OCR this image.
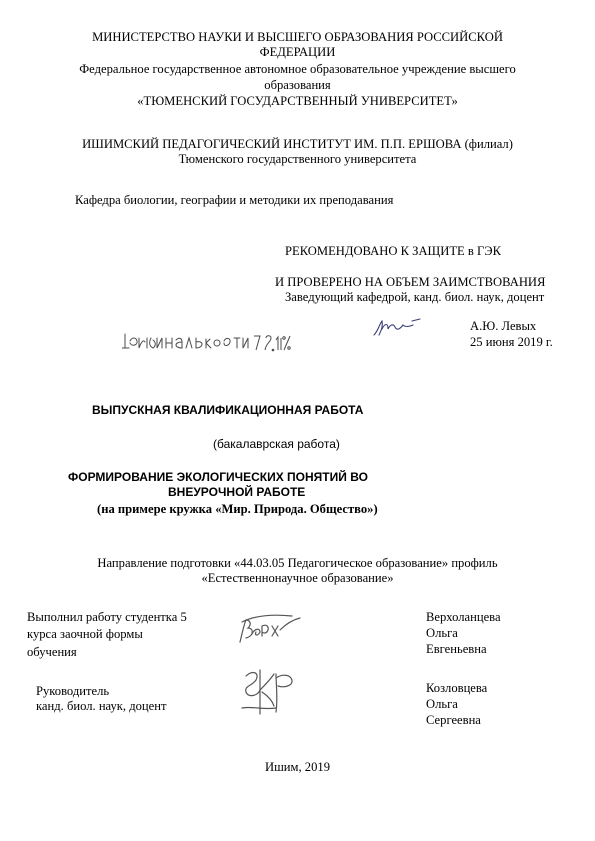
МИНИСТЕРСТВО НАУКИ И ВЫСШЕГО ОБРАЗОВАНИЯ РОССИЙСКОЙ
ФЕДЕРАЦИИ
Федеральное государственное автономное образовательное учреждение высшего
образования
«ТЮМЕНСКИЙ ГОСУДАРСТВЕННЫЙ УНИВЕРСИТЕТ»
ИШИМСКИЙ ПЕДАГОГИЧЕСКИЙ ИНСТИТУТ ИМ. П.П. ЕРШОВА (филиал)
Тюменского государственного университета
Кафедра биологии, географии и методики их преподавания
РЕКОМЕНДОВАНО К ЗАЩИТЕ в ГЭК
И ПРОВЕРЕНО НА ОБЪЕМ ЗАИМСТВОВАНИЯ
Заведующий кафедрой, канд. биол. наук, доцент
А.Ю. Левых
25 июня 2019 г.
ВЫПУСКНАЯ КВАЛИФИКАЦИОННАЯ РАБОТА
(бакалаврская работа)
ФОРМИРОВАНИЕ ЭКОЛОГИЧЕСКИХ ПОНЯТИЙ ВО
ВНЕУРОЧНОЙ РАБОТЕ
(на примере кружка «Мир. Природа. Общество»)
Направление подготовки «44.03.05 Педагогическое образование» профиль
«Естественнонаучное образование»
Выполнил работу студентка 5
курса заочной формы
обучения
Верхоланцева
Ольга
Евгеньевна
Руководитель
канд. биол. наук, доцент
Козловцева
Ольга
Сергеевна
Ишим, 2019
